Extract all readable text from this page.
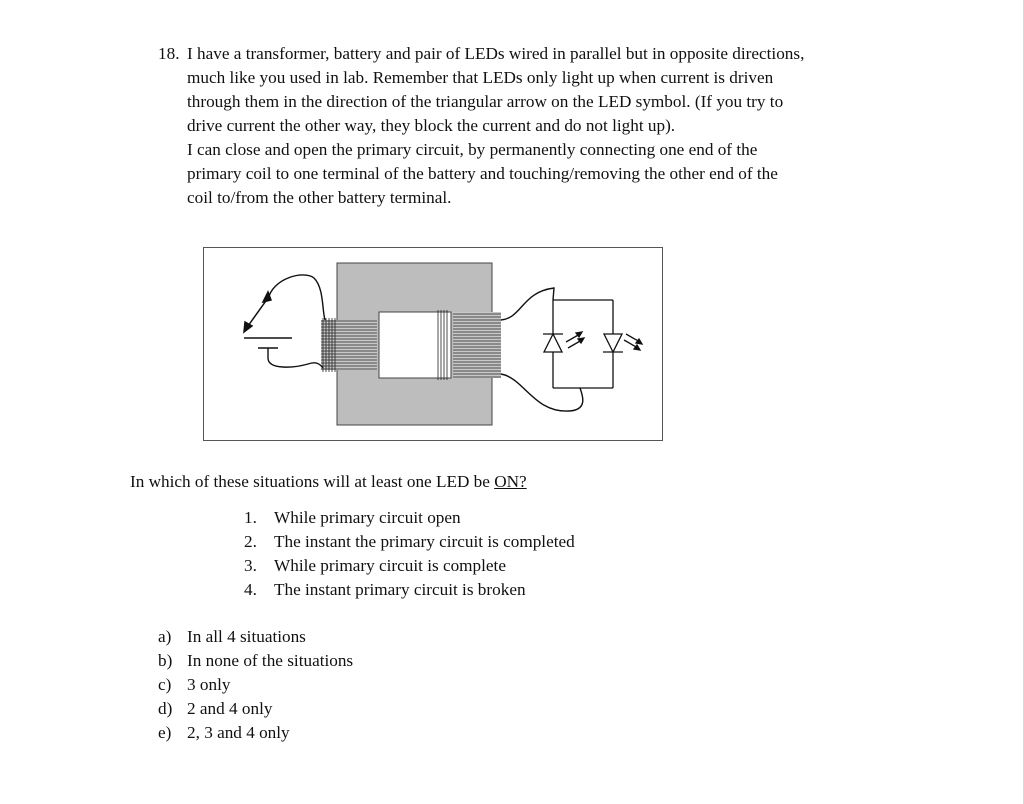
18. I have a transformer, battery and pair of LEDs wired in parallel but in opposite directions,
much like you used in lab. Remember that LEDs only light up when current is driven
through them in the direction of the triangular arrow on the LED symbol. (If you try to
drive current the other way, they block the current and do not light up).
I can close and open the primary circuit, by permanently connecting one end of the
primary coil to one terminal of the battery and touching/removing the other end of the
coil to/from the other battery terminal.
In which of these situations will at least one LED be ON?
1. While primary circuit open
2. The instant the primary circuit is completed
3. While primary circuit is complete
4. The instant primary circuit is broken
a) In all 4 situations
b) In none of the situations
c) 3 only
d) 2 and 4 only
e) 2, 3 and 4 only
